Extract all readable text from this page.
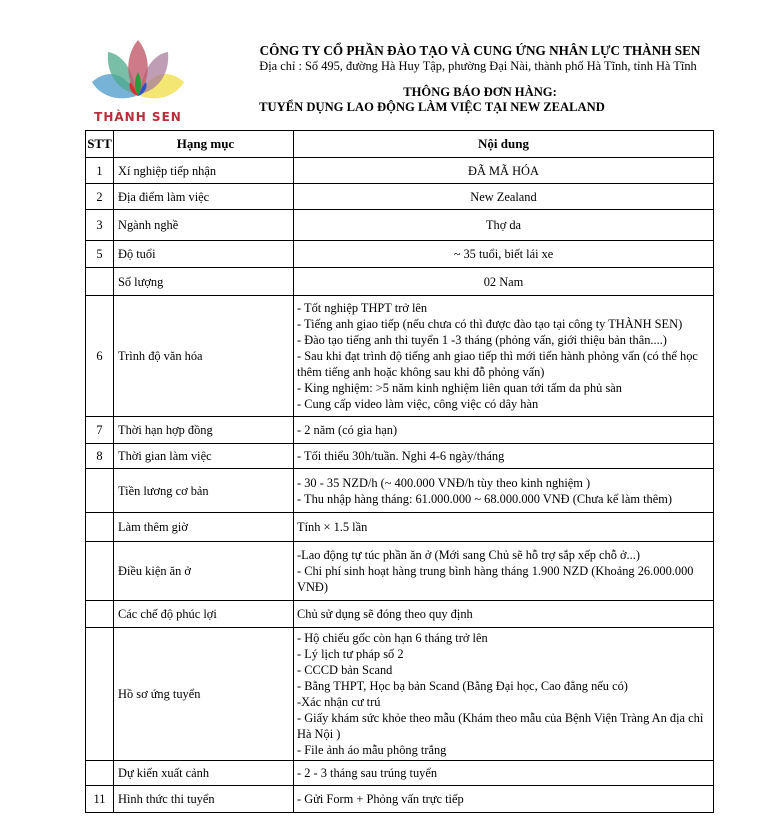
THÀNH SEN
CÔNG TY CỔ PHẦN ĐÀO TẠO VÀ CUNG ỨNG NHÂN LỰC THÀNH SEN
Địa chỉ : Số 495, đường Hà Huy Tập, phường Đại Nài, thành phố Hà Tĩnh, tỉnh Hà Tĩnh
THÔNG BÁO ĐƠN HÀNG:
TUYỂN DỤNG LAO ĐỘNG LÀM VIỆC TẠI NEW ZEALAND
STT	Hạng mục	Nội dung
1	Xí nghiệp tiếp nhận	ĐÃ MÃ HÓA

2	Địa điểm làm việc	New Zealand

3	Ngành nghề	Thợ da

5	Độ tuổi	~ 35 tuổi, biết lái xe

	Số lượng	02 Nam

6	Trình độ văn hóa	
- Tốt nghiệp THPT trở lên
- Tiếng anh giao tiếp (nếu chưa có thì được đào tạo tại công ty THÀNH SEN)
- Đào tạo tiếng anh thi tuyển 1 -3 tháng (phỏng vấn, giới thiệu bản thân....)
- Sau khi đạt trình độ tiếng anh giao tiếp thì mới tiến hành phỏng vấn (có thể học thêm tiếng anh hoặc không sau khi đỗ phỏng vấn)
- King nghiệm: >5 năm kinh nghiệm liên quan tới tấm da phủ sàn
- Cung cấp video làm việc, công việc có dây hàn

7	Thời hạn hợp đồng	- 2 năm (có gia hạn)

8	Thời gian làm việc	- Tối thiểu 30h/tuần. Nghi 4-6 ngày/tháng

	Tiền lương cơ bản	- 30 - 35 NZD/h (~ 400.000 VNĐ/h tùy theo kinh nghiệm )
- Thu nhập hàng tháng: 61.000.000 ~ 68.000.000 VNĐ (Chưa kể làm thêm)

	Làm thêm giờ	Tính × 1.5 lần

	Điều kiện ăn ở	-Lao động tự túc phần ăn ở (Mới sang Chủ sẽ hỗ trợ sắp xếp chỗ ở...)
- Chi phí sinh hoạt hàng trung bình hàng tháng 1.900 NZD (Khoảng 26.000.000 VNĐ)

	Các chế độ phúc lợi	Chủ sử dụng sẽ đóng theo quy định

	Hồ sơ ứng tuyển	
- Hộ chiếu gốc còn hạn 6 tháng trở lên
- Lý lịch tư pháp số 2
- CCCD bản Scand
- Bằng THPT, Học bạ bản Scand (Bằng Đại học, Cao đẳng nếu có)
-Xác nhận cư trú
- Giấy khám sức khỏe theo mẫu (Khám theo mẫu của Bệnh Viện Tràng An địa chỉ Hà Nội )
- File ảnh áo mẫu phông trắng

	Dự kiến xuất cảnh	- 2 - 3 tháng sau trúng tuyển

11	Hình thức thi tuyển	- Gửi Form + Phỏng vấn trực tiếp
